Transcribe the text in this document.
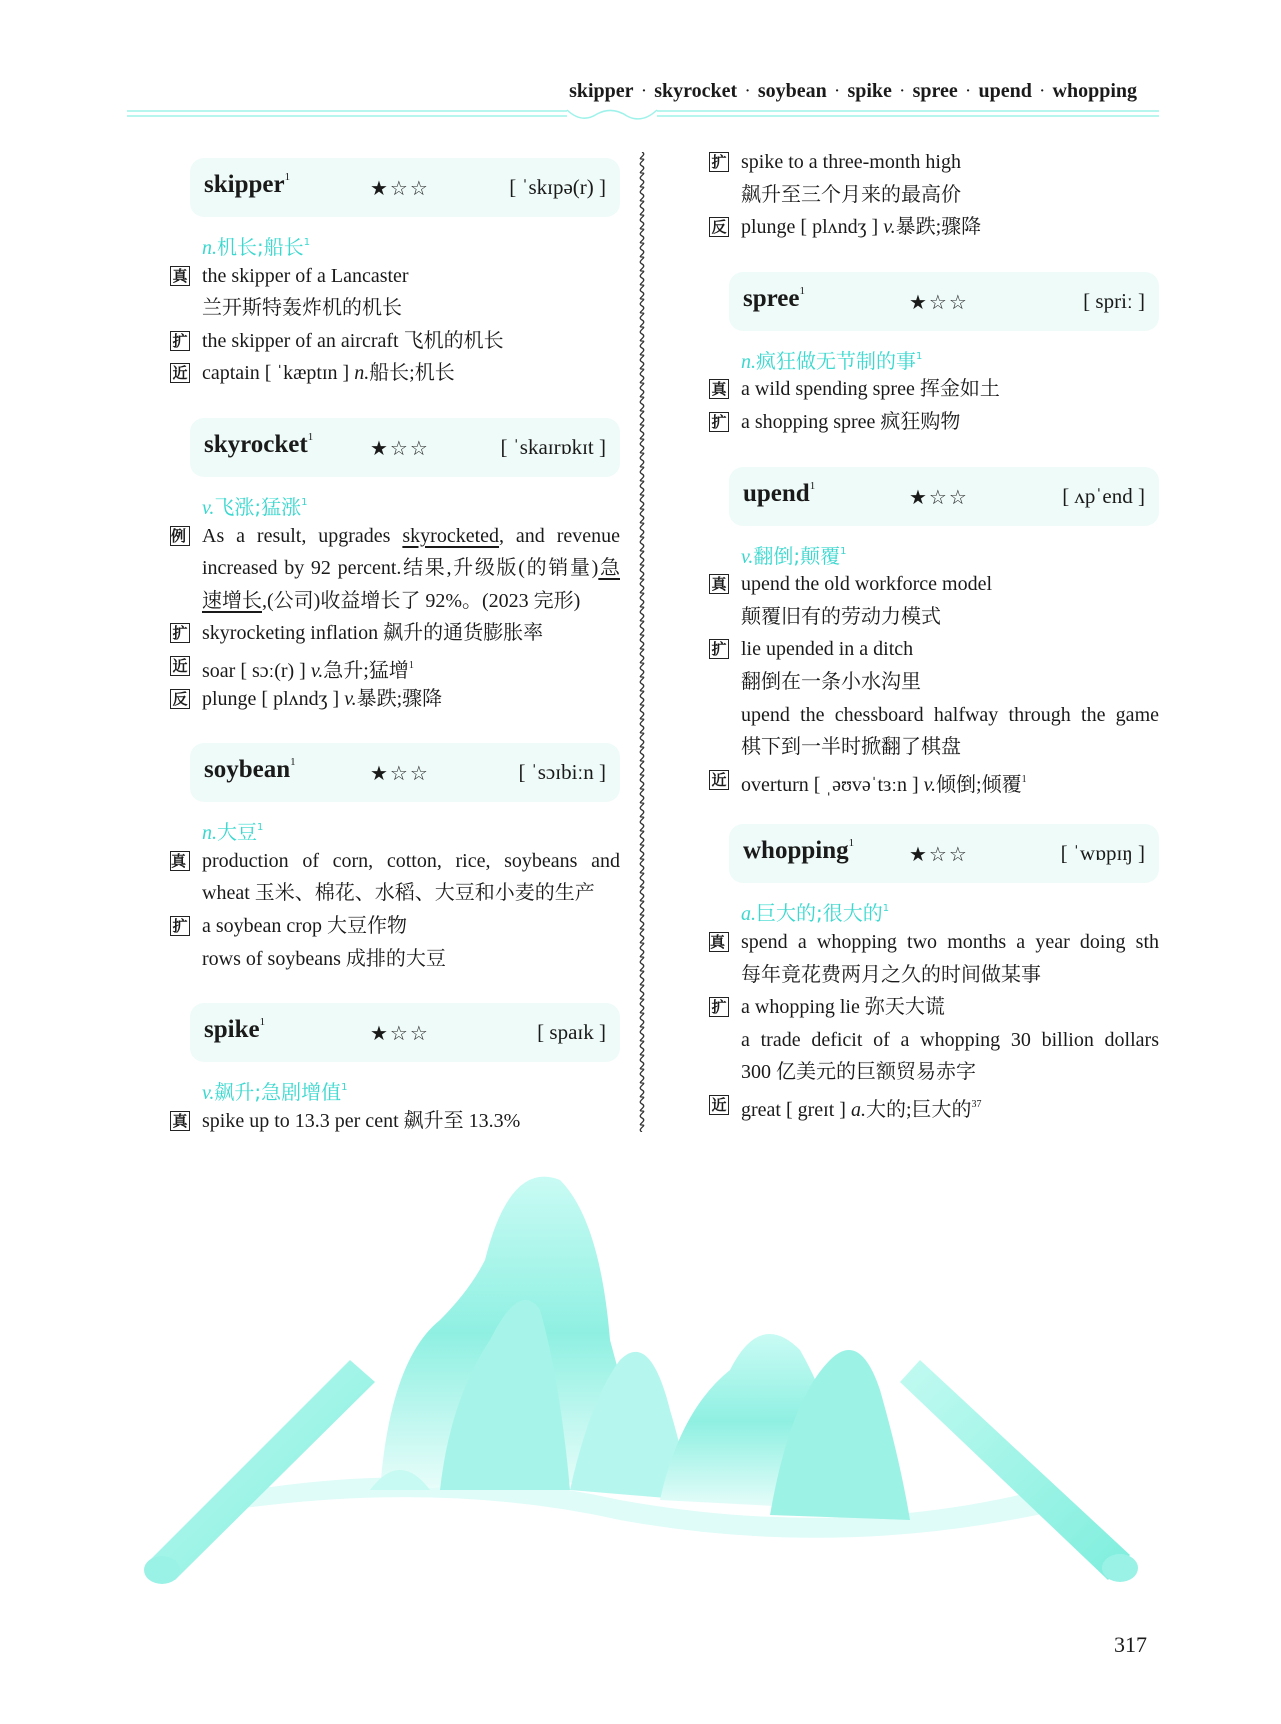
skipper · skyrocket · soybean · spike · spree · upend · whopping
skipper$^1$
★☆☆	[ ˈskɪpə(r) ]
n.机长;船长$^1$
真 the skipper of a Lancaster
兰开斯特轰炸机的机长
扩 the skipper of an aircraft 飞机的机长
近 captain [ ˈkæptɪn ] n.船长;机长
skyrocket$^1$
★☆☆	[ ˈskaɪrɒkɪt ]
v.飞涨;猛涨$^1$
例 As a result, upgrades skyrocketed, and revenue
increased by 92 percent.结果,升级版(的销量)急
速增长,(公司)收益增长了 92%。(2023 完形)
扩 skyrocketing inflation 飙升的通货膨胀率
近 soar [ sɔː(r) ] v.急升;猛增$^1$
反 plunge [ plʌndʒ ] v.暴跌;骤降
soybean$^1$
★☆☆	[ ˈsɔɪbiːn ]
n.大豆$^1$
真 production of corn, cotton, rice, soybeans and
wheat 玉米、棉花、水稻、大豆和小麦的生产
扩 a soybean crop 大豆作物
rows of soybeans 成排的大豆
spike$^1$
★☆☆	[ spaɪk ]
v.飙升;急剧增值$^1$
真 spike up to 13.3 per cent 飙升至 13.3%
扩 spike to a three-month high
飙升至三个月来的最高价
反 plunge [ plʌndʒ ] v.暴跌;骤降
spree$^1$
★☆☆	[ spriː ]
n.疯狂做无节制的事$^1$
真 a wild spending spree 挥金如土
扩 a shopping spree 疯狂购物
upend$^1$
★☆☆	[ ʌpˈend ]
v.翻倒;颠覆$^1$
真 upend the old workforce model
颠覆旧有的劳动力模式
扩 lie upended in a ditch
翻倒在一条小水沟里
upend the chessboard halfway through the game
棋下到一半时掀翻了棋盘
近 overturn [ ˌəʊvəˈtɜːn ] v.倾倒;倾覆$^1$
whopping$^1$
★☆☆	[ ˈwɒpɪŋ ]
a.巨大的;很大的$^1$
真 spend a whopping two months a year doing sth
每年竟花费两月之久的时间做某事
扩 a whopping lie 弥天大谎
a trade deficit of a whopping 30 billion dollars
300 亿美元的巨额贸易赤字
近 great [ greɪt ] a.大的;巨大的$^{37}$
317
